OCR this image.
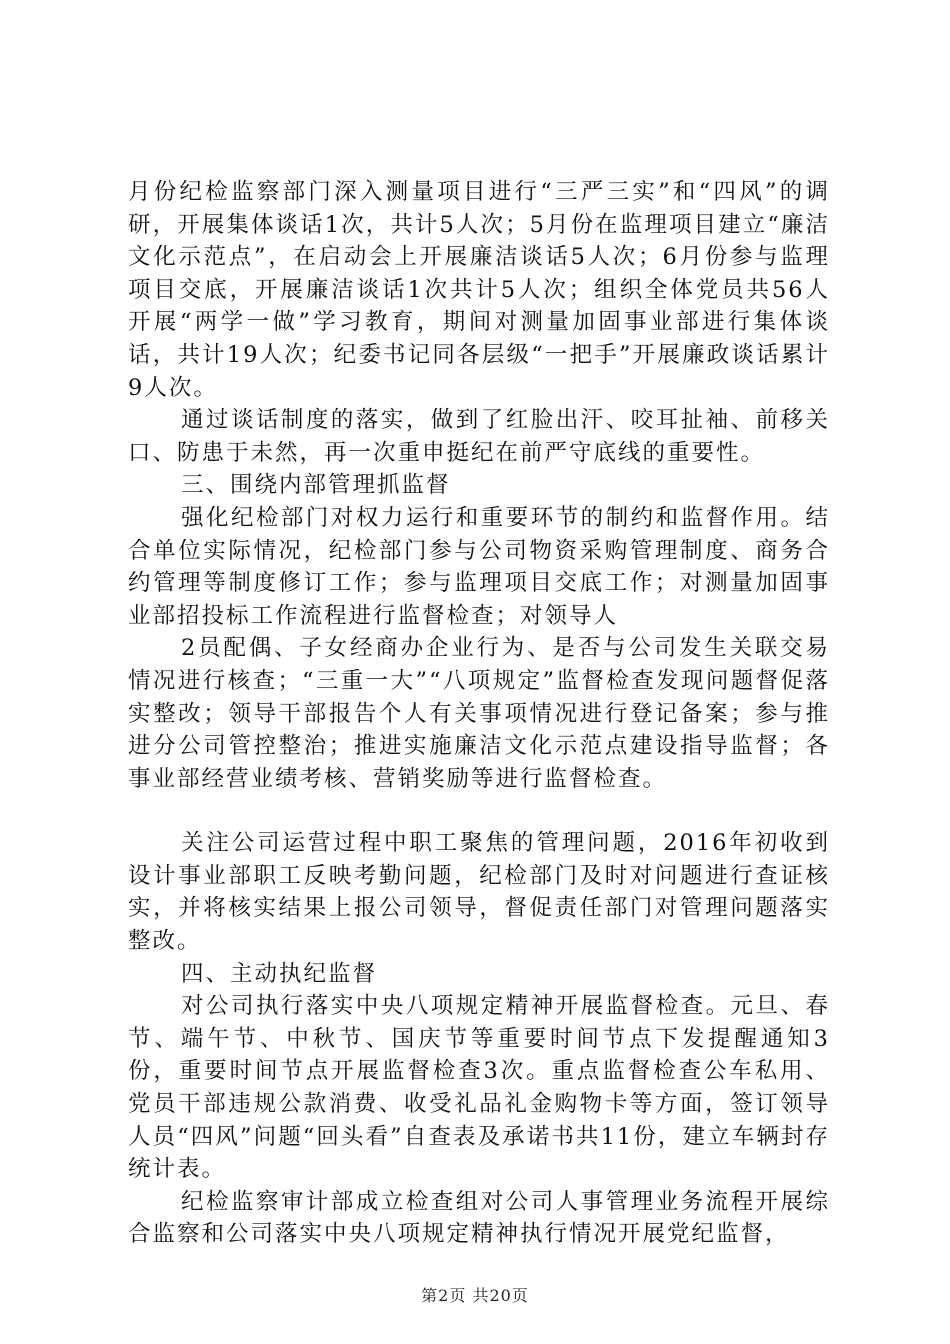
月份纪检监察部门深入测量项目进行“三严三实”和“四风”的调研，开展集体谈话1次，共计5人次；5月份在监理项目建立“廉洁文化示范点”，在启动会上开展廉洁谈话5人次；6月份参与监理项目交底，开展廉洁谈话1次共计5人次；组织全体党员共56人开展“两学一做”学习教育，期间对测量加固事业部进行集体谈话，共计19人次；纪委书记同各层级“一把手”开展廉政谈话累计9人次。

通过谈话制度的落实，做到了红脸出汗、咬耳扯袖、前移关口、防患于未然，再一次重申挺纪在前严守底线的重要性。

三、围绕内部管理抓监督

强化纪检部门对权力运行和重要环节的制约和监督作用。结合单位实际情况，纪检部门参与公司物资采购管理制度、商务合约管理等制度修订工作；参与监理项目交底工作；对测量加固事业部招投标工作流程进行监督检查；对领导人

2员配偶、子女经商办企业行为、是否与公司发生关联交易情况进行核查；“三重一大”“八项规定”监督检查发现问题督促落实整改；领导干部报告个人有关事项情况进行登记备案；参与推进分公司管控整治；推进实施廉洁文化示范点建设指导监督；各事业部经营业绩考核、营销奖励等进行监督检查。

关注公司运营过程中职工聚焦的管理问题，2016年初收到设计事业部职工反映考勤问题，纪检部门及时对问题进行查证核实，并将核实结果上报公司领导，督促责任部门对管理问题落实整改。

四、主动执纪监督

对公司执行落实中央八项规定精神开展监督检查。元旦、春节、端午节、中秋节、国庆节等重要时间节点下发提醒通知3份，重要时间节点开展监督检查3次。重点监督检查公车私用、党员干部违规公款消费、收受礼品礼金购物卡等方面，签订领导人员“四风”问题“回头看”自查表及承诺书共11份，建立车辆封存统计表。

纪检监察审计部成立检查组对公司人事管理业务流程开展综合监察和公司落实中央八项规定精神执行情况开展党纪监督，

第2页 共20页
